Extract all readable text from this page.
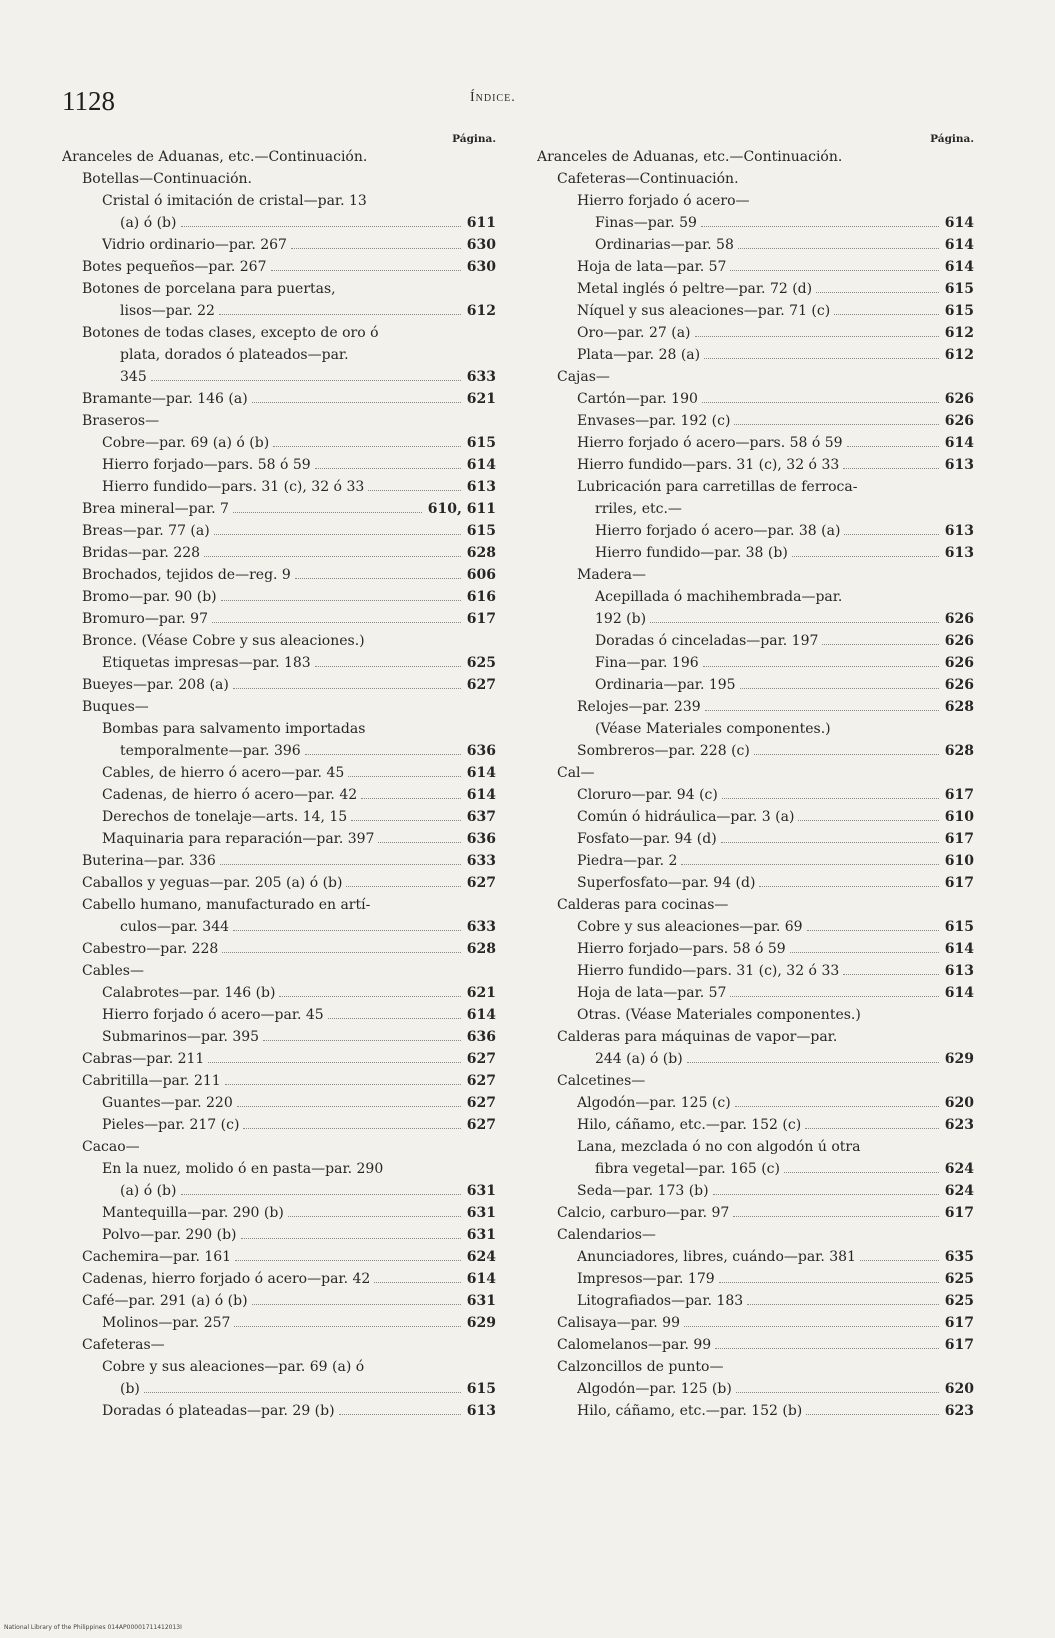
1128	Índice.
Página.
Aranceles de Aduanas, etc.—Continuación.
Botellas—Continuación.
Cristal ó imitación de cristal—par. 13
(a) ó (b)	611
Vidrio ordinario—par. 267	630
Botes pequeños—par. 267	630
Botones de porcelana para puertas,
lisos—par. 22	612
Botones de todas clases, excepto de oro ó
plata, dorados ó plateados—par.
345	633
Bramante—par. 146 (a)	621
Braseros—
Cobre—par. 69 (a) ó (b)	615
Hierro forjado—pars. 58 ó 59	614
Hierro fundido—pars. 31 (c), 32 ó 33	613
Brea mineral—par. 7	610, 611
Breas—par. 77 (a)	615
Bridas—par. 228	628
Brochados, tejidos de—reg. 9	606
Bromo—par. 90 (b)	616
Bromuro—par. 97	617
Bronce. (Véase Cobre y sus aleaciones.)
Etiquetas impresas—par. 183	625
Bueyes—par. 208 (a)	627
Buques—
Bombas para salvamento importadas
temporalmente—par. 396	636
Cables, de hierro ó acero—par. 45	614
Cadenas, de hierro ó acero—par. 42	614
Derechos de tonelaje—arts. 14, 15	637
Maquinaria para reparación—par. 397	636
Buterina—par. 336	633
Caballos y yeguas—par. 205 (a) ó (b)	627
Cabello humano, manufacturado en artí-
culos—par. 344	633
Cabestro—par. 228	628
Cables—
Calabrotes—par. 146 (b)	621
Hierro forjado ó acero—par. 45	614
Submarinos—par. 395	636
Cabras—par. 211	627
Cabritilla—par. 211	627
Guantes—par. 220	627
Pieles—par. 217 (c)	627
Cacao—
En la nuez, molido ó en pasta—par. 290
(a) ó (b)	631
Mantequilla—par. 290 (b)	631
Polvo—par. 290 (b)	631
Cachemira—par. 161	624
Cadenas, hierro forjado ó acero—par. 42	614
Café—par. 291 (a) ó (b)	631
Molinos—par. 257	629
Cafeteras—
Cobre y sus aleaciones—par. 69 (a) ó
(b)	615
Doradas ó plateadas—par. 29 (b)	613
Página.
Aranceles de Aduanas, etc.—Continuación.
Cafeteras—Continuación.
Hierro forjado ó acero—
Finas—par. 59	614
Ordinarias—par. 58	614
Hoja de lata—par. 57	614
Metal inglés ó peltre—par. 72 (d)	615
Níquel y sus aleaciones—par. 71 (c)	615
Oro—par. 27 (a)	612
Plata—par. 28 (a)	612
Cajas—
Cartón—par. 190	626
Envases—par. 192 (c)	626
Hierro forjado ó acero—pars. 58 ó 59	614
Hierro fundido—pars. 31 (c), 32 ó 33	613
Lubricación para carretillas de ferroca-
rriles, etc.—
Hierro forjado ó acero—par. 38 (a)	613
Hierro fundido—par. 38 (b)	613
Madera—
Acepillada ó machihembrada—par.
192 (b)	626
Doradas ó cinceladas—par. 197	626
Fina—par. 196	626
Ordinaria—par. 195	626
Relojes—par. 239	628
(Véase Materiales componentes.)
Sombreros—par. 228 (c)	628
Cal—
Cloruro—par. 94 (c)	617
Común ó hidráulica—par. 3 (a)	610
Fosfato—par. 94 (d)	617
Piedra—par. 2	610
Superfosfato—par. 94 (d)	617
Calderas para cocinas—
Cobre y sus aleaciones—par. 69	615
Hierro forjado—pars. 58 ó 59	614
Hierro fundido—pars. 31 (c), 32 ó 33	613
Hoja de lata—par. 57	614
Otras. (Véase Materiales componentes.)
Calderas para máquinas de vapor—par.
244 (a) ó (b)	629
Calcetines—
Algodón—par. 125 (c)	620
Hilo, cáñamo, etc.—par. 152 (c)	623
Lana, mezclada ó no con algodón ú otra
fibra vegetal—par. 165 (c)	624
Seda—par. 173 (b)	624
Calcio, carburo—par. 97	617
Calendarios—
Anunciadores, libres, cuándo—par. 381	635
Impresos—par. 179	625
Litografiados—par. 183	625
Calisaya—par. 99	617
Calomelanos—par. 99	617
Calzoncillos de punto—
Algodón—par. 125 (b)	620
Hilo, cáñamo, etc.—par. 152 (b)	623
National Library of the Philippines 014AP00001711412013I
